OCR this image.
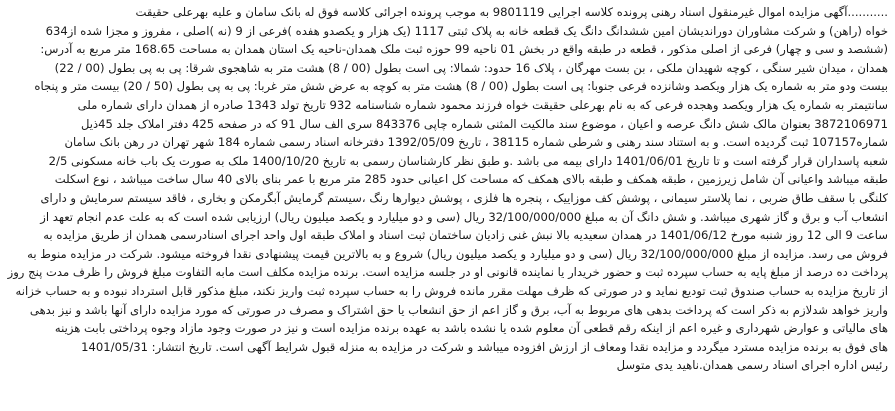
...........آگهی مزایده اموال غیرمنقول اسناد رهنی پرونده کلاسه اجرایی 9801119 به موجب پرونده اجرائی کلاسه فوق له بانک سامان و علیه بهرعلی حقیقت
خواه (راهن) و شرکت مشاوران دوراندیشان امین ششدانگ دانگ یک قطعه خانه به پلاک ثبتی 1117 (یک هزار و یکصدو هفده )فرعی از 9 (نه )اصلی ، مفروز و مجزا شده از634
(ششصد و سی و چهار) فرعی از اصلی مذکور ، قطعه در طبقه واقع در بخش 01 ناحیه 99 حوزه ثبت ملک همدان-ناحیه یک استان همدان به مساحت 168.65 متر مربع به آدرس:
همدان ، میدان شیر سنگی ، کوچه شهیدان ملکی ، بن بست مهرگان ، پلاک 16 حدود: شمالا: پی است بطول (00 / 8) هشت متر به شاهجوی شرقا: پی به پی بطول (00 / 22)
بیست ودو متر به شماره یک هزار ویکصد وشانزده فرعی جنوبا: پی است بطول (00 / 8) هشت متر به کوچه به عرض شش متر غربا: پی به پی بطول (50 / 20) بیست متر و پنجاه
سانتیمتر به شماره یک هزار ویکصد وهجده فرعی که به نام بهرعلی حقیقت خواه فرزند محمود شماره شناسنامه 932 تاریخ تولد 1343 صادره از همدان دارای شماره ملی
3872106971 بعنوان مالک شش دانگ عرصه و اعیان ، موضوع سند مالکیت المثنی شماره چاپی 843376 سری الف سال 91 که در صفحه 425 دفتر املاک جلد 45ذیل
شماره107157 ثبت گردیده است. و به استناد سند رهنی و شرطی شماره 38115 ، تاریخ 1392/05/09 دفترخانه اسناد رسمی شماره 184 شهر تهران در رهن بانک سامان
شعبه پاسداران قرار گرفته است و تا تاریخ 1401/06/01 دارای بیمه می باشد .و طبق نظر کارشناسان رسمی به تاریخ 1400/10/20 ملک به صورت یک باب خانه مسکونی 2/5
طبقه میباشد واعیانی آن شامل زیرزمین ، طبقه همکف و طبقه بالای همکف که مساحت کل اعیانی حدود 285 متر مربع با عمر بنای بالای 40 سال ساخت میباشد ، نوع اسکلت
کلنگی با سقف طاق ضربی ، نما پلاستر سیمانی ، پوشش کف موزاییک ، پنجره ها فلزی ، پوشش دیوارها رنگ ،سیستم گرمایش آبگرمکن و بخاری ، فاقد سیستم سرمایش و دارای
انشعاب آب و برق و گاز شهری میباشد. و شش دانگ آن به مبلغ 32/100/000/000 ریال (سی و دو میلیارد و یکصد میلیون ریال) ارزیابی شده است که به علت عدم انجام تعهد از
ساعت 9 الی 12 روز شنبه مورخ 1401/06/12 در همدان سعیدیه بالا نبش غنی زادیان ساختمان ثبت اسناد و املاک طبقه اول واحد اجرای اسنادرسمی همدان از طریق مزایده به
فروش می رسد. مزایده از مبلغ 32/100/000/000 ریال (سی و دو میلیارد و یکصد میلیون ریال) شروع و به بالاترین قیمت پیشنهادی نقدا فروخته میشود. شرکت در مزایده منوط به
پرداخت ده درصد از مبلغ پایه به حساب سپرده ثبت و حضور خریدار یا نماینده قانونی او در جلسه مزایده است. برنده مزایده مکلف است مابه التفاوت مبلغ فروش را ظرف مدت پنج روز
از تاریخ مزایده به حساب صندوق ثبت تودیع نماید و در صورتی که ظرف مهلت مقرر مانده فروش را به حساب سپرده ثبت واریز نکند، مبلغ مذکور قابل استرداد نبوده و به حساب خزانه
واریز خواهد شدلازم به ذکر است که پرداخت بدهی های مربوط به آب، برق و گاز اعم از حق انشعاب یا حق اشتراک و مصرف در صورتی که مورد مزایده دارای آنها باشد و نیز بدهی
های مالیاتی و عوارض شهرداری و غیره اعم از اینکه رقم قطعی آن معلوم شده یا نشده باشد به عهده برنده مزایده است و نیز در صورت وجود مازاد وجوه پرداختی بابت هزینه
های فوق به برنده مزایده مسترد میگردد و مزایده نقدا ومعاف از ارزش افزوده میباشد و شرکت در مزایده به منزله قبول شرایط آگهی است. تاریخ انتشار: 1401/05/31
رئیس اداره اجرای اسناد رسمی همدان.ناهید یدی متوسل
